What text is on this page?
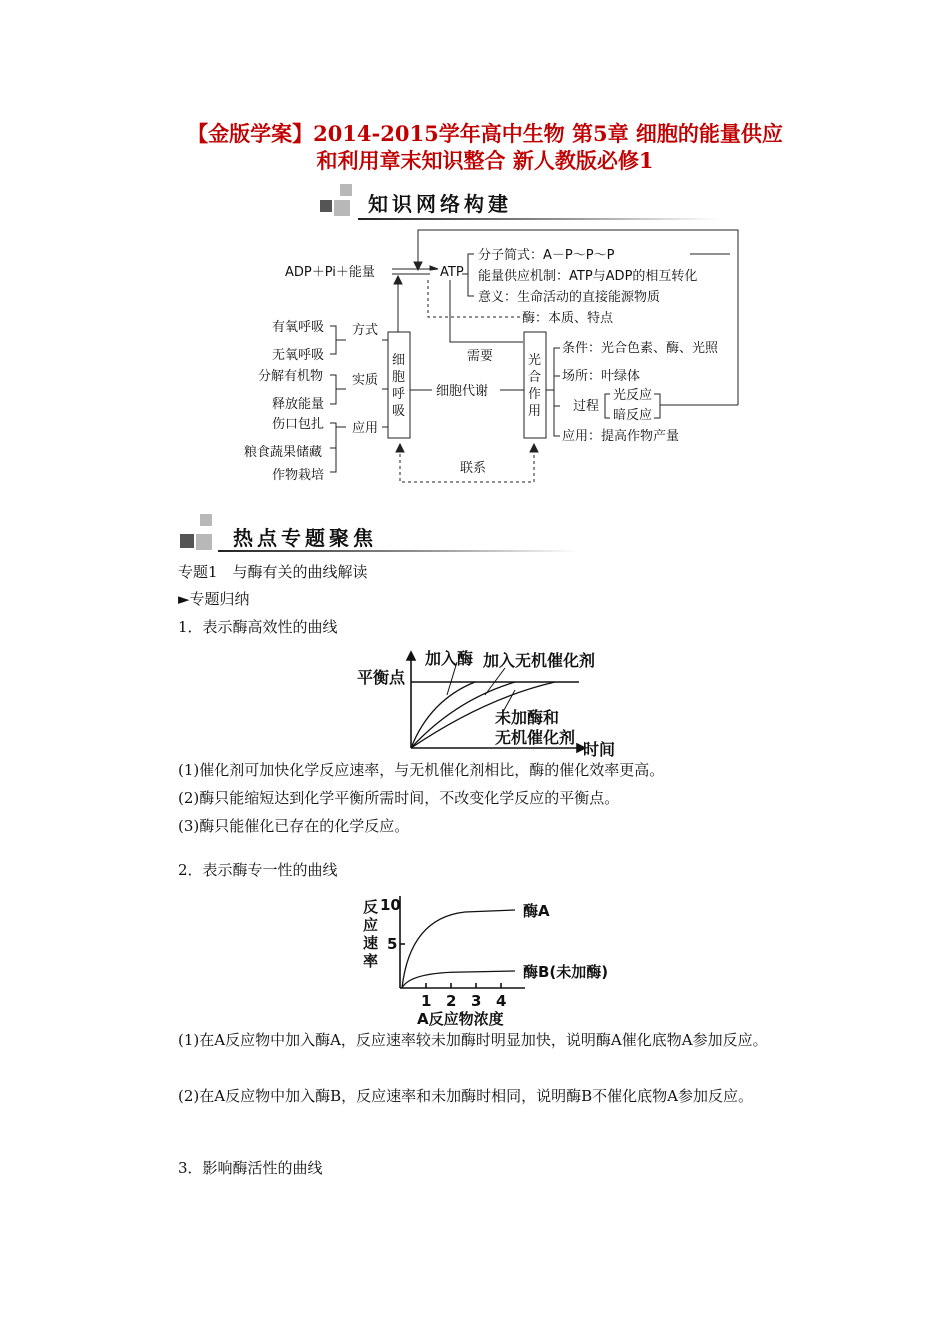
【金版学案】2014-2015学年高中生物 第5章 细胞的能量供应
和利用章末知识整合 新人教版必修1
知识网络构建
ADP＋Pi＋能量	ATP
分子简式：A－P～P～P
能量供应机制：ATP与ADP的相互转化
意义：生命活动的直接能源物质
酶：本质、特点
有氧呼吸
无氧呼吸
分解有机物
释放能量
伤口包扎
粮食蔬果储藏
作物栽培
方式
实质
应用
细胞代谢
需要
条件：光合色素、酶、光照
场所：叶绿体
过程
光反应
暗反应
应用：提高作物产量
联系
细
胞
呼
吸
光
合
作
用
热点专题聚焦
专题1　与酶有关的曲线解读
►专题归纳
1．表示酶高效性的曲线
平衡点
加入酶 加入无机催化剂
未加酶和
无机催化剂
时间
(1)催化剂可加快化学反应速率，与无机催化剂相比，酶的催化效率更高。
(2)酶只能缩短达到化学平衡所需时间，不改变化学反应的平衡点。
(3)酶只能催化已存在的化学反应。
2．表示酶专一性的曲线
10
5
反
应
速
率
1 2 3 4
A反应物浓度
酶A
酶B(未加酶)
(1)在A反应物中加入酶A，反应速率较未加酶时明显加快，说明酶A催化底物A参加反应。
(2)在A反应物中加入酶B，反应速率和未加酶时相同，说明酶B不催化底物A参加反应。
3．影响酶活性的曲线
